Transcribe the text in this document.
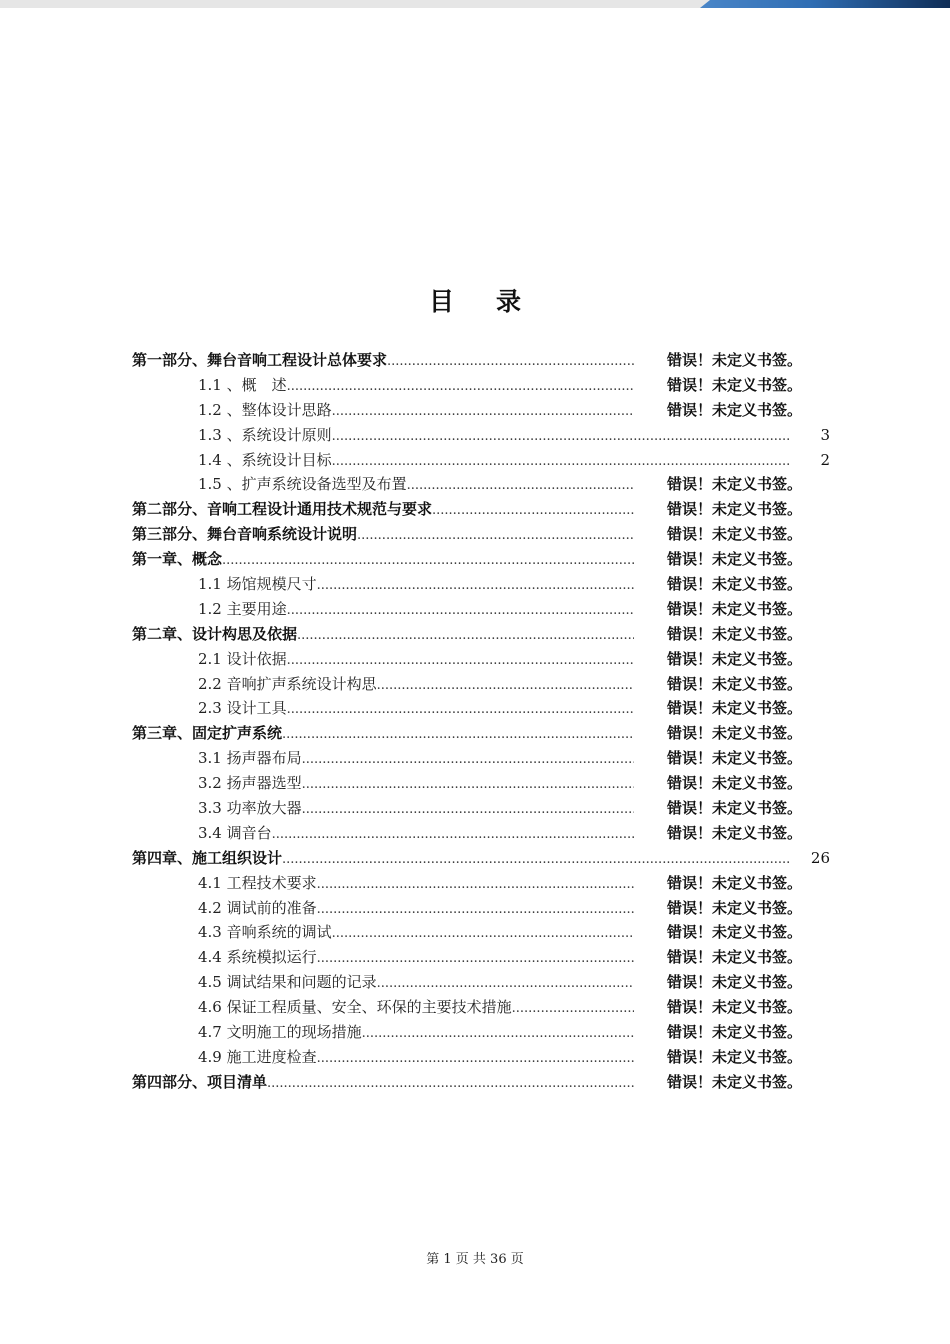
目录
第一部分、舞台音响工程设计总体要求 .....	错误！未定义书签。
1.1 、概　述 .....	错误！未定义书签。
1.2 、整体设计思路 .....	错误！未定义书签。
1.3 、系统设计原则 .....	3
1.4 、系统设计目标 .....	2
1.5 、扩声系统设备选型及布置 .....	错误！未定义书签。
第二部分、音响工程设计通用技术规范与要求 .....	错误！未定义书签。
第三部分、舞台音响系统设计说明 .....	错误！未定义书签。
第一章、概念 .....	错误！未定义书签。
1.1 场馆规模尺寸 .....	错误！未定义书签。
1.2 主要用途 .....	错误！未定义书签。
第二章、设计构思及依据 .....	错误！未定义书签。
2.1 设计依据 .....	错误！未定义书签。
2.2 音响扩声系统设计构思 .....	错误！未定义书签。
2.3 设计工具 .....	错误！未定义书签。
第三章、固定扩声系统 .....	错误！未定义书签。
3.1 扬声器布局 .....	错误！未定义书签。
3.2 扬声器选型 .....	错误！未定义书签。
3.3 功率放大器 .....	错误！未定义书签。
3.4 调音台 .....	错误！未定义书签。
第四章、施工组织设计 .....	26
4.1 工程技术要求 .....	错误！未定义书签。
4.2 调试前的准备 .....	错误！未定义书签。
4.3 音响系统的调试 .....	错误！未定义书签。
4.4 系统模拟运行 .....	错误！未定义书签。
4.5 调试结果和问题的记录 .....	错误！未定义书签。
4.6 保证工程质量、安全、环保的主要技术措施 .....	错误！未定义书签。
4.7 文明施工的现场措施 .....	错误！未定义书签。
4.9 施工进度检查 .....	错误！未定义书签。
第四部分、项目清单 .....	错误！未定义书签。
第 1 页 共 36 页
